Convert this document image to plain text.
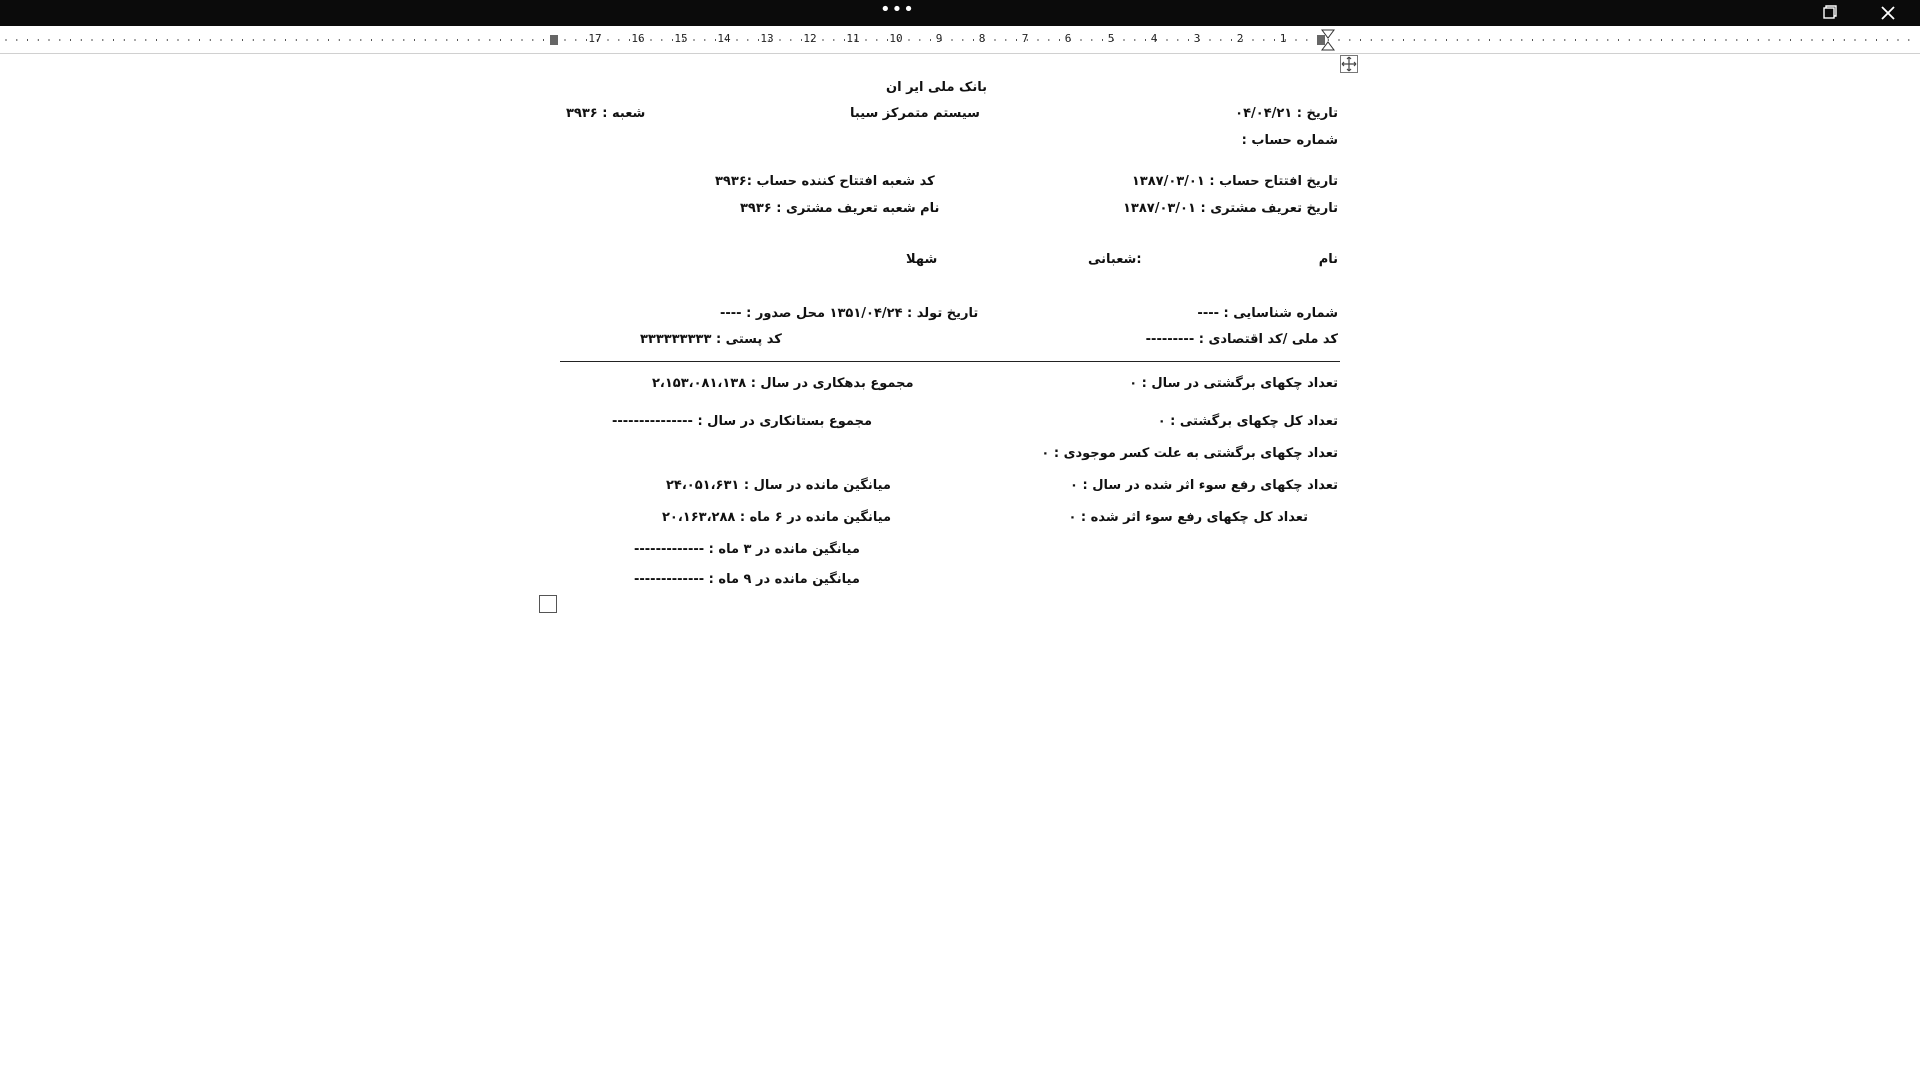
•••
1
2
3
4
5
6
7
8
9
10
11
12
13
14
15
16
17
بانک ملی ایر ان
تاریخ : ۰۴/۰۴/۲۱
سیستم متمرکز سیبا
شعبه : ۳۹۳۶
شماره حساب :
تاریخ افتتاح حساب : ۱۳۸۷/۰۳/۰۱
کد شعبه افتتاح کننده حساب :۳۹۳۶
تاریخ تعریف مشتری : ۱۳۸۷/۰۳/۰۱
نام شعبه تعریف مشتری : ۳۹۳۶
نام
:شعبانی
شهلا
شماره شناسایی : ----
تاریخ تولد : ۱۳۵۱/۰۴/۲۴ محل صدور : ----
کد ملی /کد اقتصادی : ---------
کد پستی : ۳۳۳۳۳۳۳۳۳
تعداد چکهای برگشتی در سال : ۰
مجموع بدهکاری در سال : ۲،۱۵۳،۰۸۱،۱۳۸
تعداد کل چکهای برگشتی : ۰
مجموع بستانکاری در سال : ---------------
تعداد چکهای برگشتی به علت کسر موجودی : ۰
تعداد چکهای رفع سوء اثر شده در سال : ۰
میانگین مانده در سال : ۲۴،۰۵۱،۶۳۱
تعداد کل چکهای رفع سوء اثر شده : ۰
میانگین مانده در ۶ ماه : ۲۰،۱۶۳،۲۸۸
میانگین مانده در ۳ ماه : -------------
میانگین مانده در ۹ ماه : -------------
